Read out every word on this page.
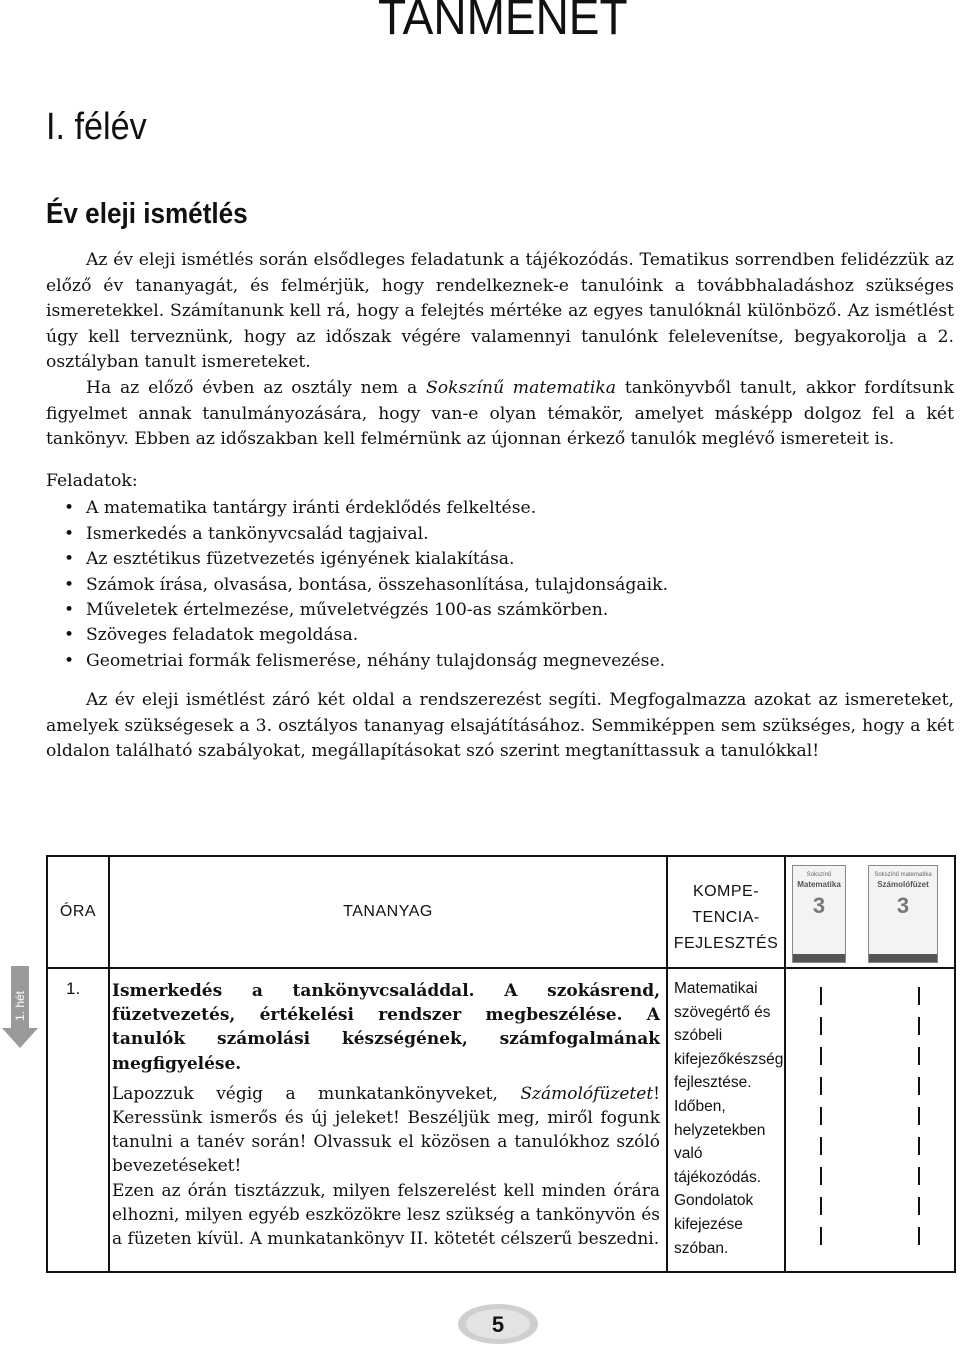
TANMENET
I. félév
Év eleji ismétlés

Az év eleji ismétlés során elsődleges feladatunk a tájékozódás. Tematikus sorrendben felidézzük az előző év tananyagát, és felmérjük, hogy rendelkeznek-e tanulóink a továbbhaladáshoz szükséges ismeretekkel. Számítanunk kell rá, hogy a felejtés mértéke az egyes tanulóknál különböző. Az ismétlést úgy kell terveznünk, hogy az időszak végére valamennyi tanulónk felelevenítse, begyakorolja a 2. osztályban tanult ismereteket.

Ha az előző évben az osztály nem a Sokszínű matematika tankönyvből tanult, akkor fordítsunk figyelmet annak tanulmányozására, hogy van-e olyan témakör, amelyet másképp dolgoz fel a két tankönyv. Ebben az időszakban kell felmérnünk az újonnan érkező tanulók meglévő ismereteit is.

Feladatok:

• A matematika tantárgy iránti érdeklődés felkeltése.
• Ismerkedés a tankönyvcsalád tagjaival.
• Az esztétikus füzetvezetés igényének kialakítása.
• Számok írása, olvasása, bontása, összehasonlítása, tulajdonságaik.
• Műveletek értelmezése, műveletvégzés 100-as számkörben.
• Szöveges feladatok megoldása.
• Geometriai formák felismerése, néhány tulajdonság megnevezése.

Az év eleji ismétlést záró két oldal a rendszerezést segíti. Megfogalmazza azokat az ismereteket, amelyek szükségesek a 3. osztályos tananyag elsajátításához. Semmiképpen sem szükséges, hogy a két oldalon található szabályokat, megállapításokat szó szerint megtaníttassuk a tanulókkal!

ÓRA	TANANYAG
KOMPE-
TENCIA-
FEJLESZTÉS
Sokszínű
Matematika
3
Sokszínű matematika
Számolófüzet
3
1. Ismerkedés a tankönyvcsaláddal. A szokásrend, füzetvezetés, értékelési rendszer megbeszélése. A tanulók számolási készségének, számfogalmának megfigyelése.

Lapozzuk végig a munkatankönyveket, Számolófüzetet! Keressünk ismerős és új jeleket! Beszéljük meg, miről fogunk tanulni a tanév során! Olvassuk el közösen a tanulókhoz szóló bevezetéseket!

Ezen az órán tisztázzuk, milyen felszerelést kell minden órára elhozni, milyen egyéb eszközökre lesz szükség a tankönyvön és a füzeten kívül. A munkatankönyv II. kötetét célszerű beszedni.

Matematikai szövegértő és szóbeli kifejezőkészség fejlesztése. Időben, helyzetekben való tájékozódás. Gondolatok kifejezése szóban.
1. hét
5
